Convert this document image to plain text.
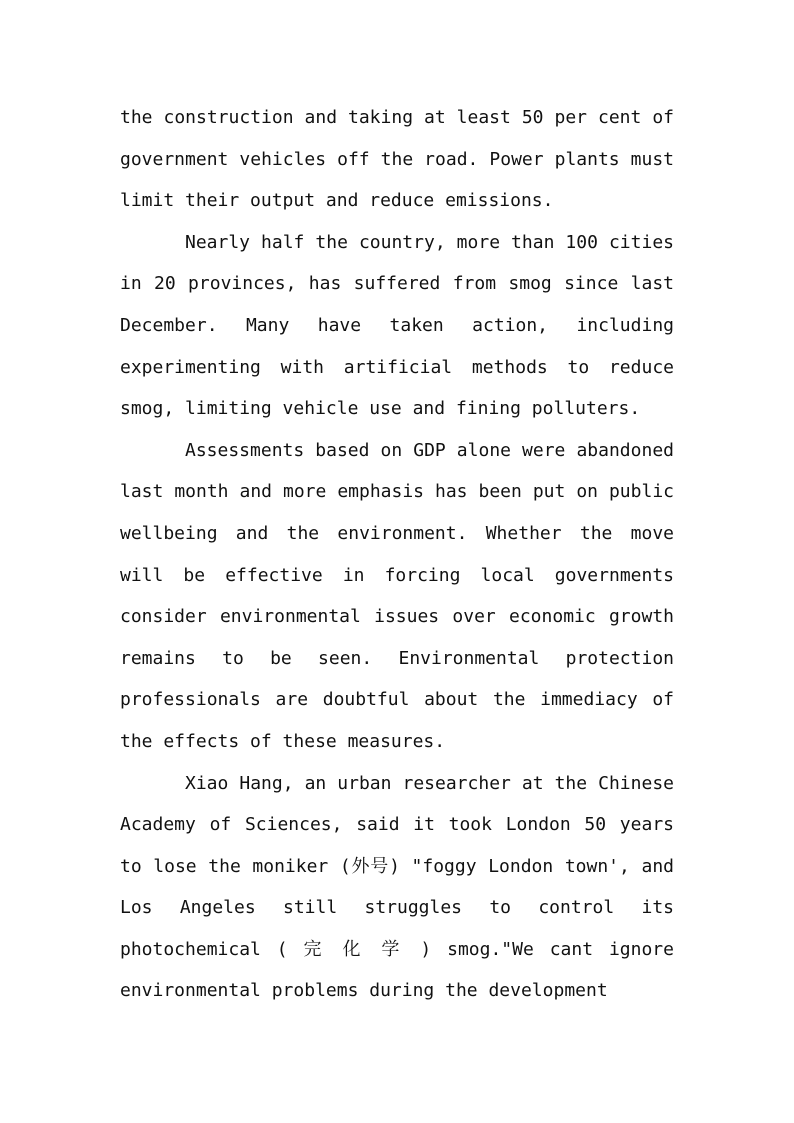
the construction and taking at least 50 per cent of government vehicles off the road. Power plants must limit their output and reduce emissions.

Nearly half the country, more than 100 cities in 20 provinces, has suffered from smog since last December. Many have taken action, including experimenting with artificial methods to reduce smog, limiting vehicle use and fining polluters.

Assessments based on GDP alone were abandoned last month and more emphasis has been put on public wellbeing and the environment. Whether the move will be effective in forcing local governments consider environmental issues over economic growth remains to be seen. Environmental protection professionals are doubtful about the immediacy of the effects of these measures.

Xiao Hang, an urban researcher at the Chinese Academy of Sciences, said it took London 50 years to lose the moniker (外号) "foggy London town', and Los Angeles still struggles to control its photochemical ( 完 化 学 ) smog."We cant ignore environmental problems during the development
